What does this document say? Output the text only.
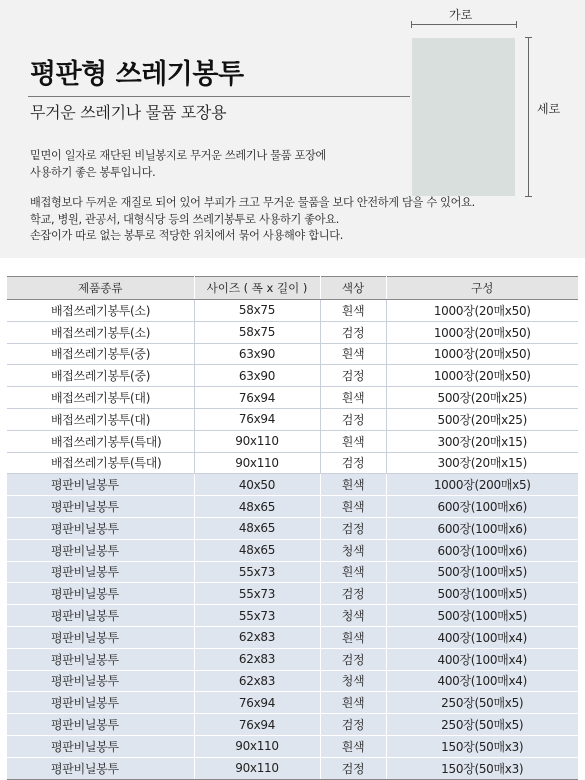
평판형 쓰레기봉투
무거운 쓰레기나 물품 포장용

밑면이 일자로 재단된 비닐봉지로 무거운 쓰레기나 물품 포장에

사용하기 좋은 봉투입니다.

배접형보다 두꺼운 재질로 되어 있어 부피가 크고 무거운 물품을 보다 안전하게 담을 수 있어요.

학교, 병원, 관공서, 대형식당 등의 쓰레기봉투로 사용하기 좋아요.

손잡이가 따로 없는 봉투로 적당한 위치에서 묶어 사용해야 합니다.

가로
세로
제품종류	사이즈 ( 폭 x 길이 )	색상	구성
배접쓰레기봉투(소)	58x75	흰색	1000장(20매x50)
배접쓰레기봉투(소)	58x75	검정	1000장(20매x50)
배접쓰레기봉투(중)	63x90	흰색	1000장(20매x50)
배접쓰레기봉투(중)	63x90	검정	1000장(20매x50)
배접쓰레기봉투(대)	76x94	흰색	500장(20매x25)
배접쓰레기봉투(대)	76x94	검정	500장(20매x25)
배접쓰레기봉투(특대)	90x110	흰색	300장(20매x15)
배접쓰레기봉투(특대)	90x110	검정	300장(20매x15)
평판비닐봉투	40x50	흰색	1000장(200매x5)
평판비닐봉투	48x65	흰색	600장(100매x6)
평판비닐봉투	48x65	검정	600장(100매x6)
평판비닐봉투	48x65	청색	600장(100매x6)
평판비닐봉투	55x73	흰색	500장(100매x5)
평판비닐봉투	55x73	검정	500장(100매x5)
평판비닐봉투	55x73	청색	500장(100매x5)
평판비닐봉투	62x83	흰색	400장(100매x4)
평판비닐봉투	62x83	검정	400장(100매x4)
평판비닐봉투	62x83	청색	400장(100매x4)
평판비닐봉투	76x94	흰색	250장(50매x5)
평판비닐봉투	76x94	검정	250장(50매x5)
평판비닐봉투	90x110	흰색	150장(50매x3)
평판비닐봉투	90x110	검정	150장(50매x3)
